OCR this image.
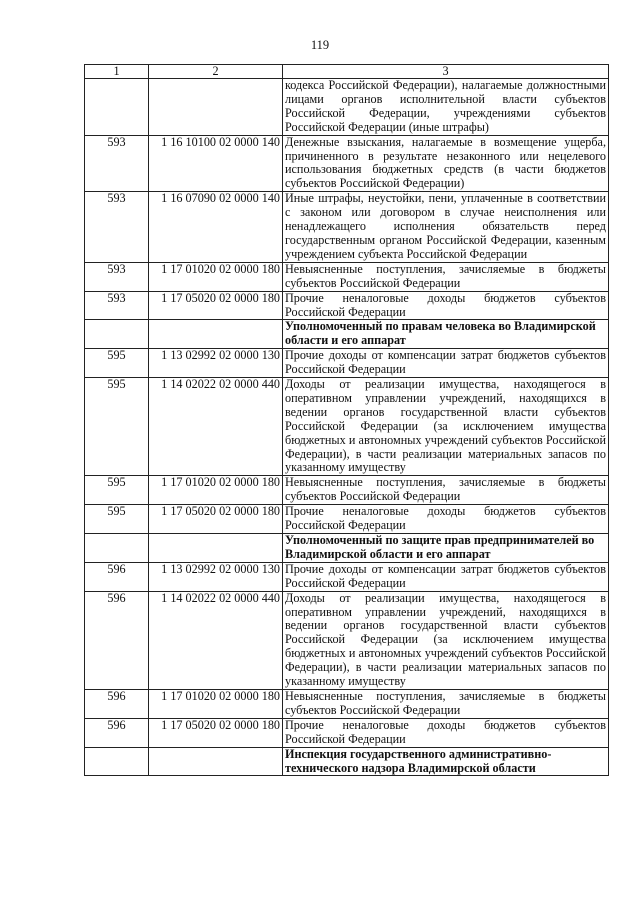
119
1	2	3
		кодекса Российской Федерации), налагаемые должностными лицами органов исполнительной власти субъектов Российской Федерации, учреждениями субъектов Российской Федерации (иные штрафы)
593	1 16 10100 02 0000 140	Денежные взыскания, налагаемые в возмещение ущерба, причиненного в результате незаконного или нецелевого использования бюджетных средств (в части бюджетов субъектов Российской Федерации)
593	1 16 07090 02 0000 140	Иные штрафы, неустойки, пени, уплаченные в соответствии с законом или договором в случае неисполнения или ненадлежащего исполнения обязательств перед государственным органом Российской Федерации, казенным учреждением субъекта Российской Федерации
593	1 17 01020 02 0000 180	Невыясненные поступления, зачисляемые в бюджеты субъектов Российской Федерации
593	1 17 05020 02 0000 180	Прочие неналоговые доходы бюджетов субъектов Российской Федерации
		Уполномоченный по правам человека во Владимирской области и его аппарат
595	1 13 02992 02 0000 130	Прочие доходы от компенсации затрат бюджетов субъектов Российской Федерации
595	1 14 02022 02 0000 440	Доходы от реализации имущества, находящегося в оперативном управлении учреждений, находящихся в ведении органов государственной власти субъектов Российской Федерации (за исключением имущества бюджетных и автономных учреждений субъектов Российской Федерации), в части реализации материальных запасов по указанному имуществу
595	1 17 01020 02 0000 180	Невыясненные поступления, зачисляемые в бюджеты субъектов Российской Федерации
595	1 17 05020 02 0000 180	Прочие неналоговые доходы бюджетов субъектов Российской Федерации
		Уполномоченный по защите прав предпринимателей во Владимирской области и его аппарат
596	1 13 02992 02 0000 130	Прочие доходы от компенсации затрат бюджетов субъектов Российской Федерации
596	1 14 02022 02 0000 440	Доходы от реализации имущества, находящегося в оперативном управлении учреждений, находящихся в ведении органов государственной власти субъектов Российской Федерации (за исключением имущества бюджетных и автономных учреждений субъектов Российской Федерации), в части реализации материальных запасов по указанному имуществу
596	1 17 01020 02 0000 180	Невыясненные поступления, зачисляемые в бюджеты субъектов Российской Федерации
596	1 17 05020 02 0000 180	Прочие неналоговые доходы бюджетов субъектов Российской Федерации
		Инспекция государственного административно-технического надзора Владимирской области
